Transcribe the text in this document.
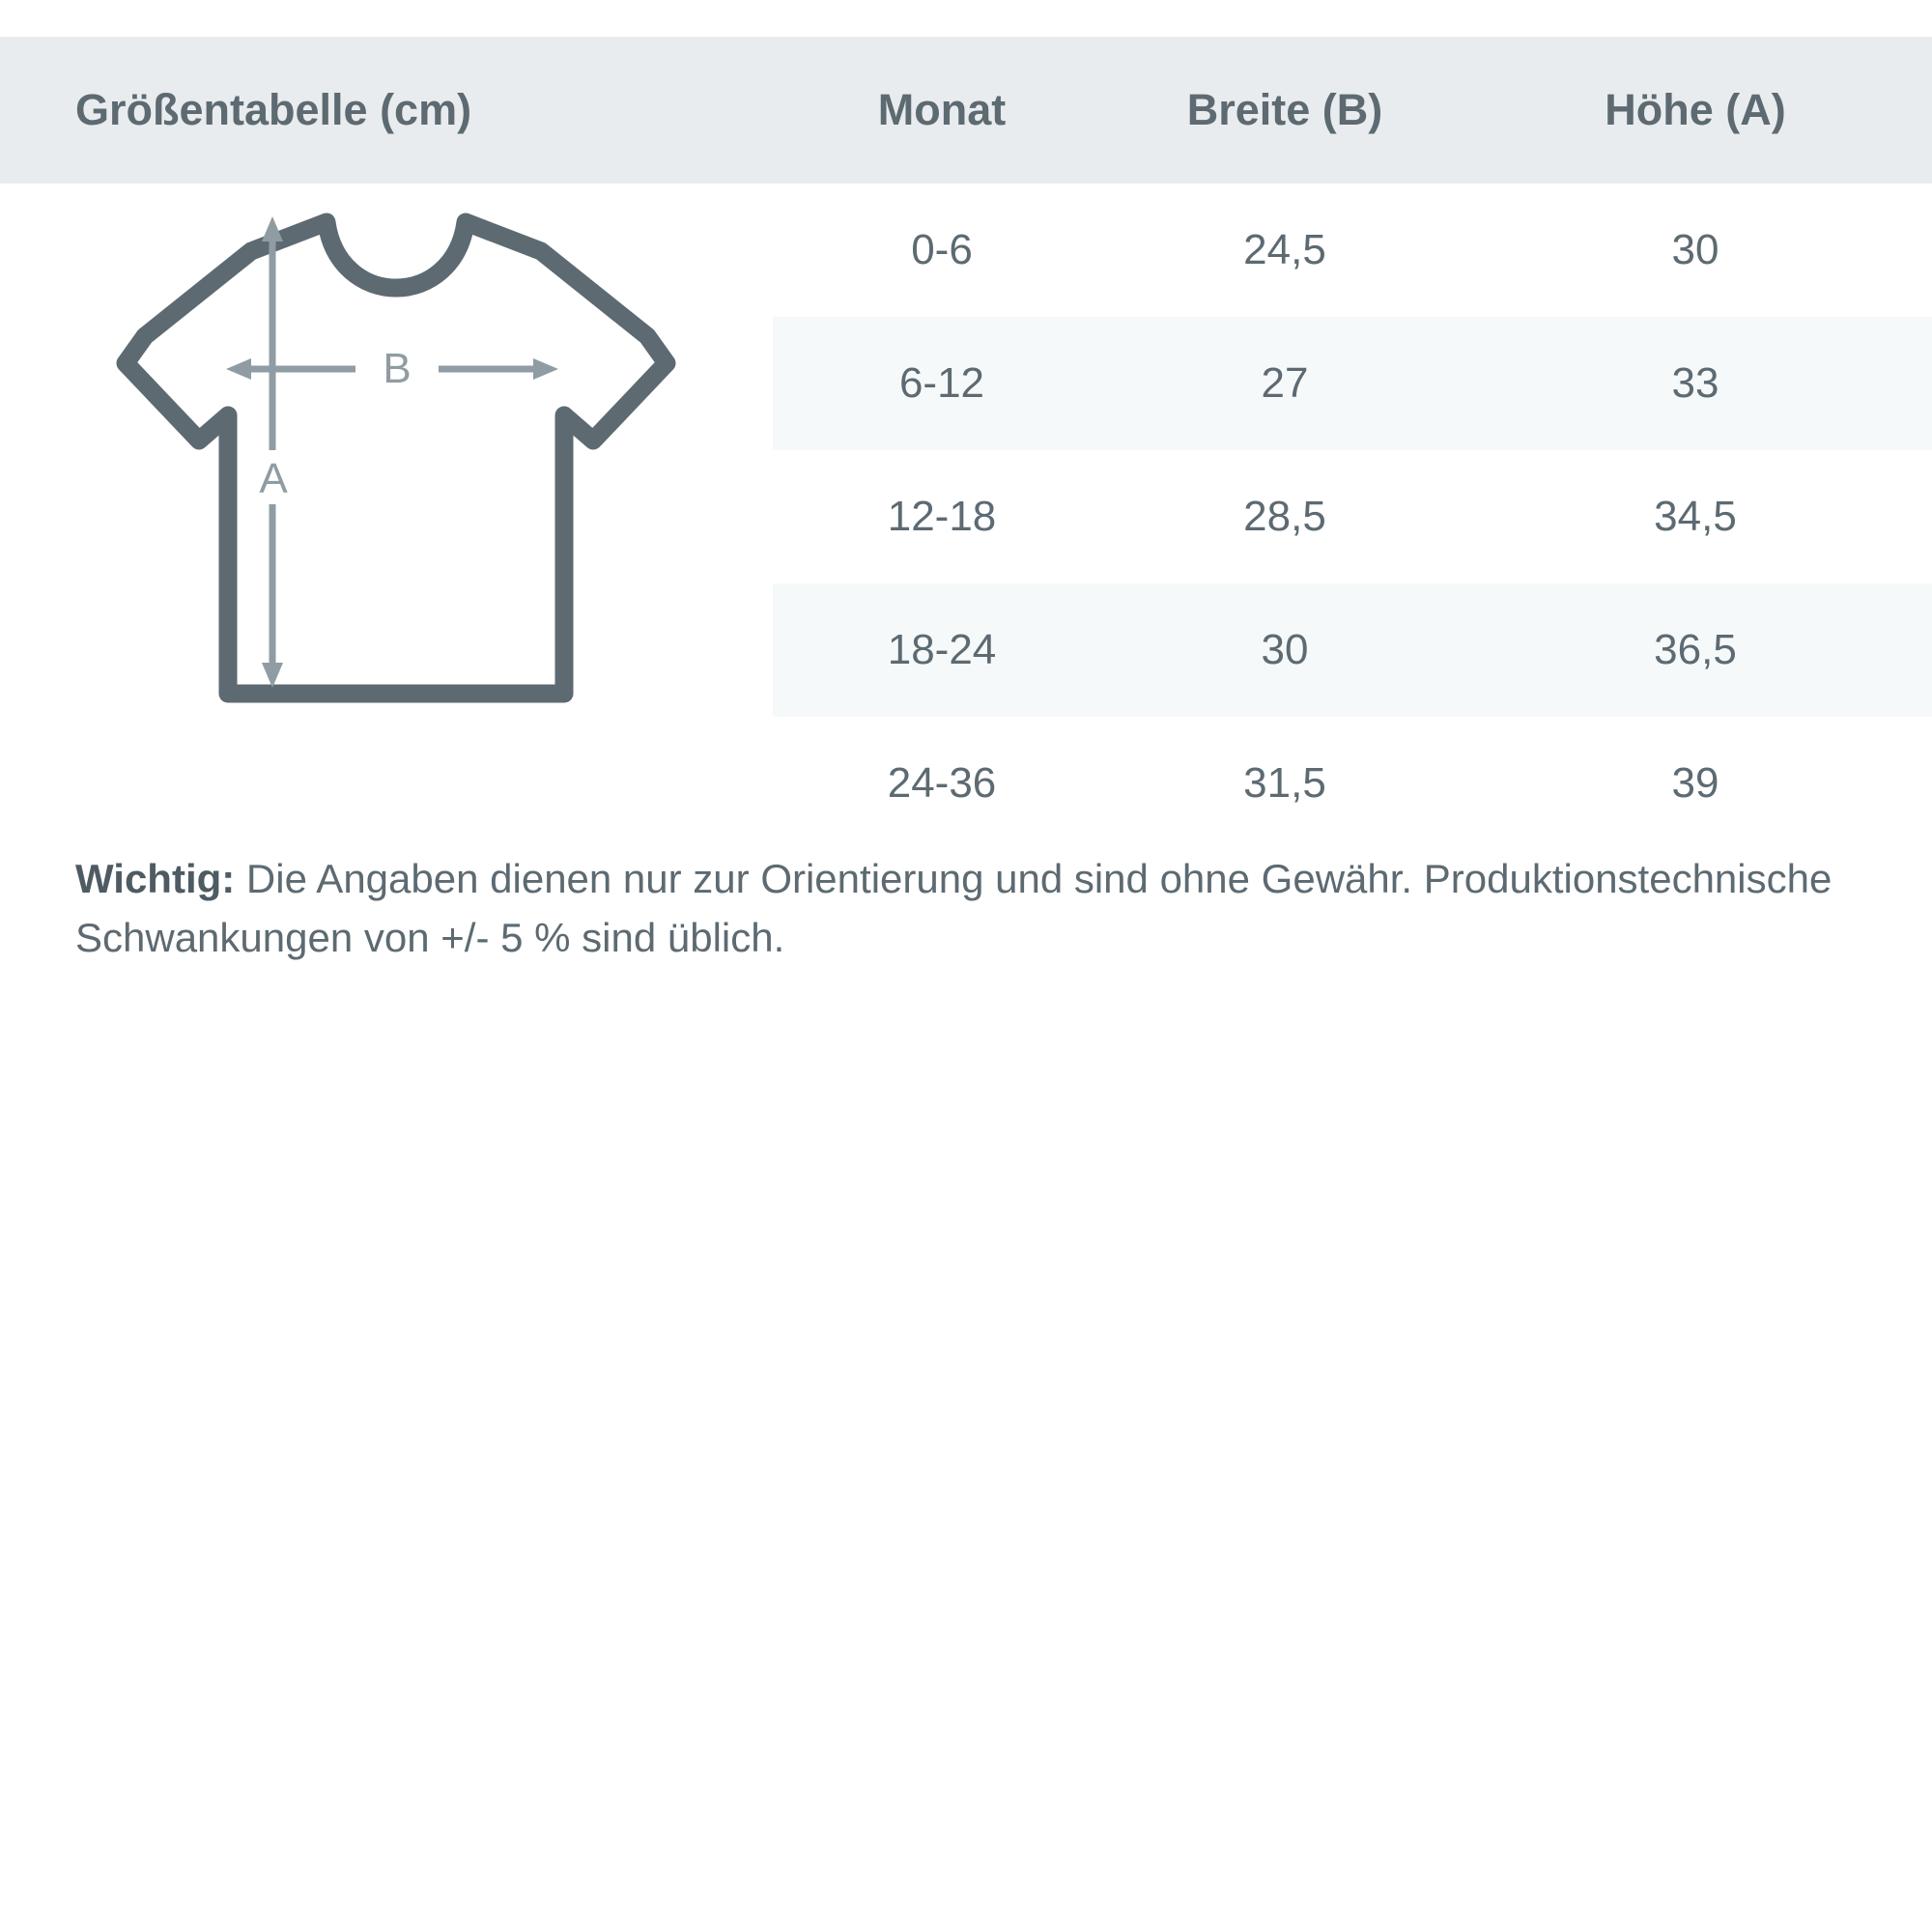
Größentabelle (cm)	Monat	Breite (B)	Höhe (A)

B
A	0-6	24,5	30
	6-12	27	33
	12-18	28,5	34,5
	18-24	30	36,5
	24-36	31,5	39
Wichtig: Die Angaben dienen nur zur Orientierung und sind ohne Gewähr. Produktionstechnische Schwankungen von +/- 5 % sind üblich.
